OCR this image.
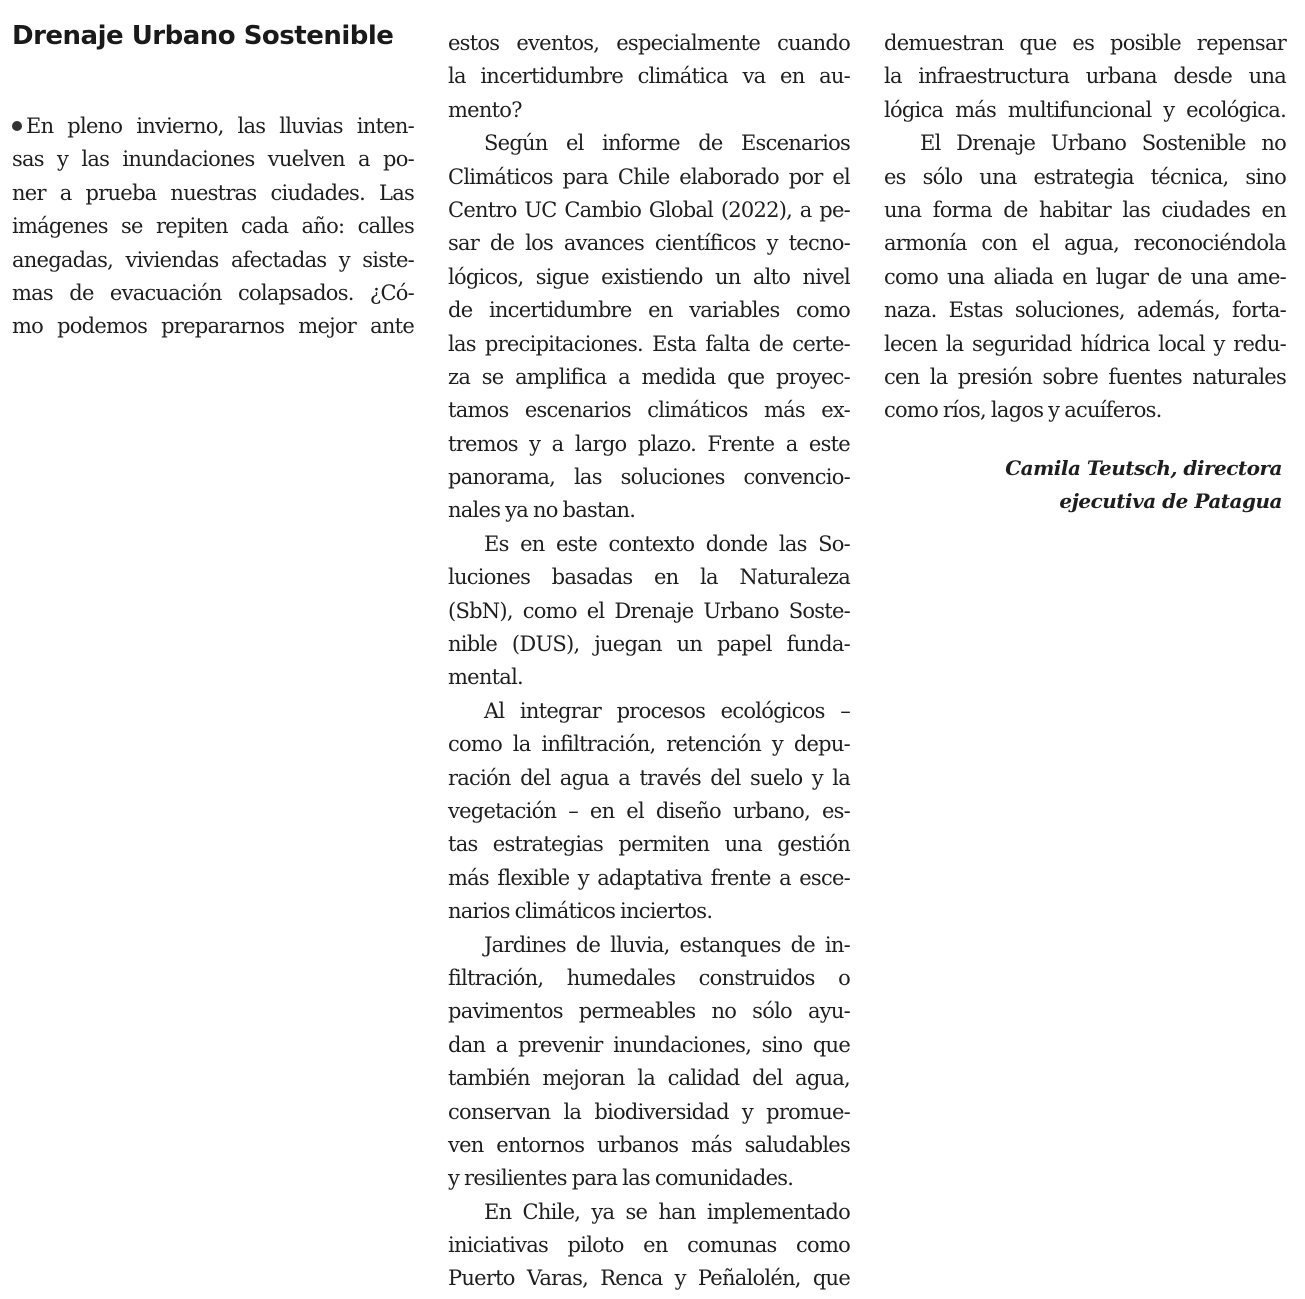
Drenaje Urbano Sostenible
En pleno invierno, las lluvias inten-
sas y las inundaciones vuelven a po-
ner a prueba nuestras ciudades. Las
imágenes se repiten cada año: calles
anegadas, viviendas afectadas y siste-
mas de evacuación colapsados. ¿Có-
mo podemos prepararnos mejor ante
estos eventos, especialmente cuando
la incertidumbre climática va en au-
mento?
Según el informe de Escenarios
Climáticos para Chile elaborado por el
Centro UC Cambio Global (2022), a pe-
sar de los avances científicos y tecno-
lógicos, sigue existiendo un alto nivel
de incertidumbre en variables como
las precipitaciones. Esta falta de certe-
za se amplifica a medida que proyec-
tamos escenarios climáticos más ex-
tremos y a largo plazo. Frente a este
panorama, las soluciones convencio-
nales ya no bastan.
Es en este contexto donde las So-
luciones basadas en la Naturaleza
(SbN), como el Drenaje Urbano Soste-
nible (DUS), juegan un papel funda-
mental.
Al integrar procesos ecológicos –
como la infiltración, retención y depu-
ración del agua a través del suelo y la
vegetación – en el diseño urbano, es-
tas estrategias permiten una gestión
más flexible y adaptativa frente a esce-
narios climáticos inciertos.
Jardines de lluvia, estanques de in-
filtración, humedales construidos o
pavimentos permeables no sólo ayu-
dan a prevenir inundaciones, sino que
también mejoran la calidad del agua,
conservan la biodiversidad y promue-
ven entornos urbanos más saludables
y resilientes para las comunidades.
En Chile, ya se han implementado
iniciativas piloto en comunas como
Puerto Varas, Renca y Peñalolén, que
demuestran que es posible repensar
la infraestructura urbana desde una
lógica más multifuncional y ecológica.
El Drenaje Urbano Sostenible no
es sólo una estrategia técnica, sino
una forma de habitar las ciudades en
armonía con el agua, reconociéndola
como una aliada en lugar de una ame-
naza. Estas soluciones, además, forta-
lecen la seguridad hídrica local y redu-
cen la presión sobre fuentes naturales
como ríos, lagos y acuíferos.
Camila Teutsch, directora
ejecutiva de Patagua
